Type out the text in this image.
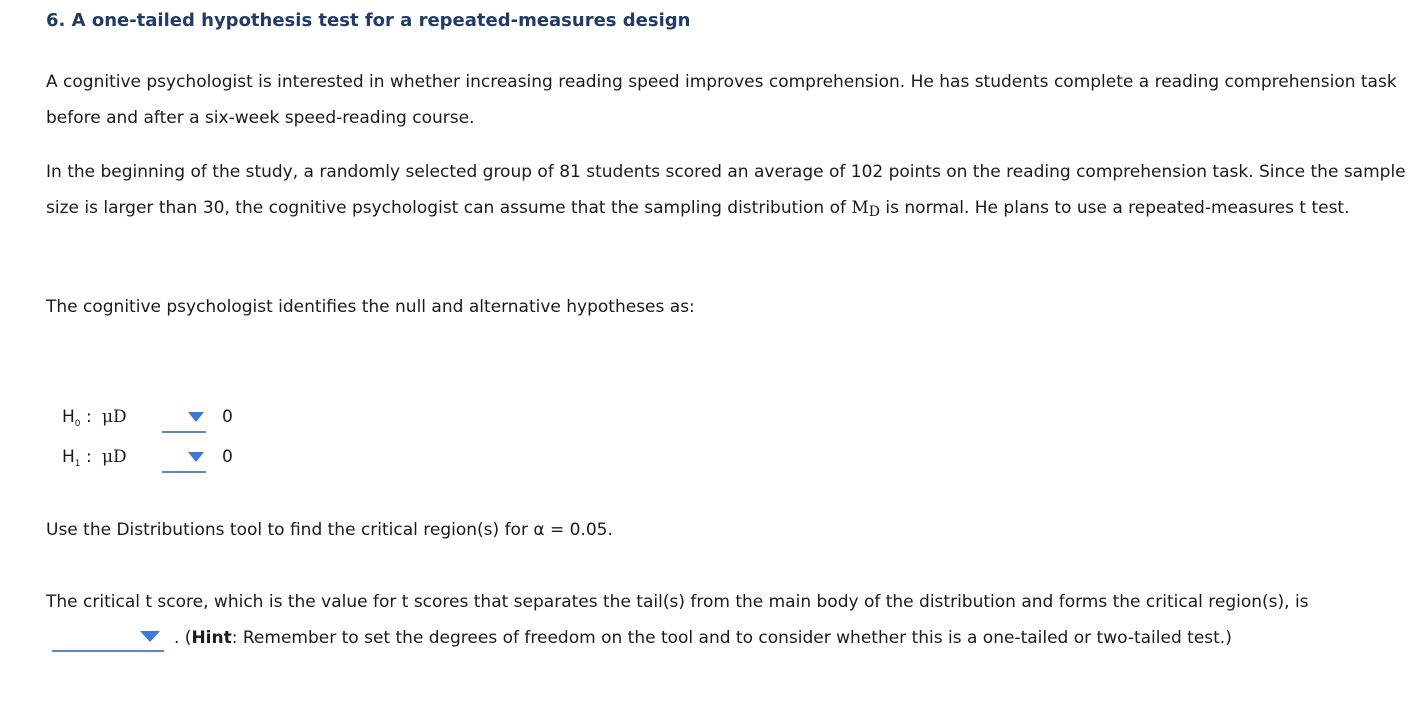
6. A one-tailed hypothesis test for a repeated-measures design

A cognitive psychologist is interested in whether increasing reading speed improves comprehension. He has students complete a reading comprehension task before and after a six-week speed-reading course.

In the beginning of the study, a randomly selected group of 81 students scored an average of 102 points on the reading comprehension task. Since the sample size is larger than 30, the cognitive psychologist can assume that the sampling distribution of MD is normal. He plans to use a repeated-measures t test.

The cognitive psychologist identifies the null and alternative hypotheses as:

$H_0$ : μD	0
$H_1$ : μD	0

Use the Distributions tool to find the critical region(s) for α = 0.05.

The critical t score, which is the value for t scores that separates the tail(s) from the main body of the distribution and forms the critical region(s), is

. (Hint: Remember to set the degrees of freedom on the tool and to consider whether this is a one-tailed or two-tailed test.)
